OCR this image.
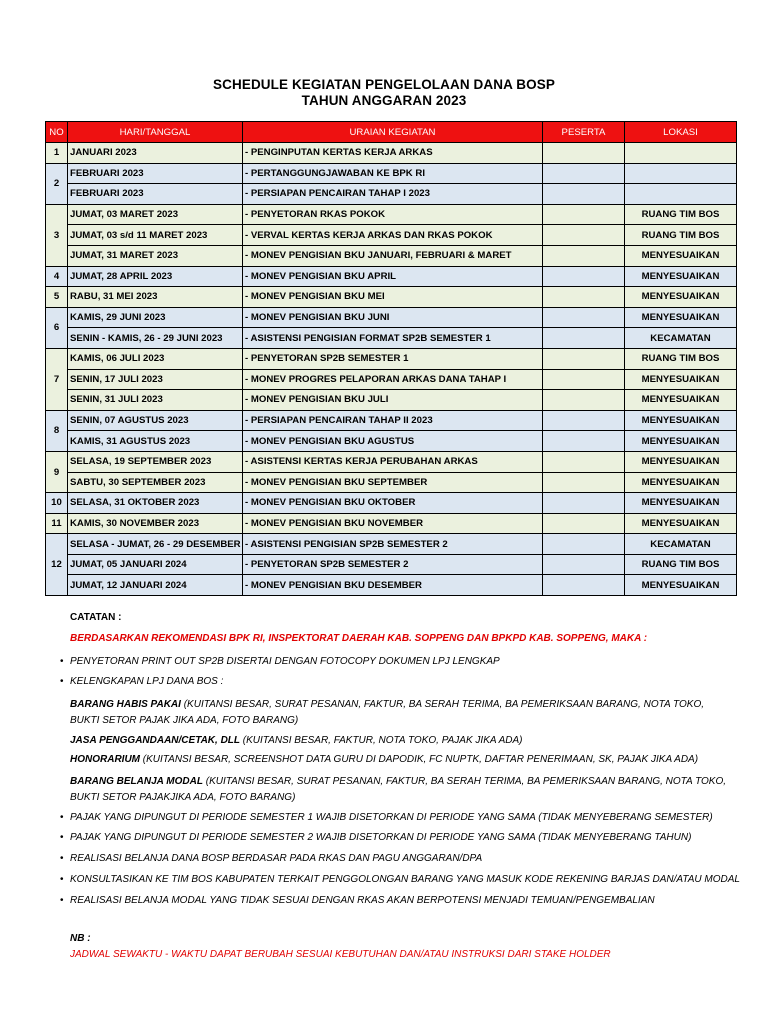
SCHEDULE KEGIATAN PENGELOLAAN DANA BOSP
TAHUN ANGGARAN 2023
NO	HARI/TANGGAL	URAIAN KEGIATAN	PESERTA	LOKASI
1	JANUARI 2023	- PENGINPUTAN KERTAS KERJA ARKAS		
2	FEBRUARI 2023	- PERTANGGUNGJAWABAN KE BPK RI		
	FEBRUARI 2023	- PERSIAPAN PENCAIRAN TAHAP I 2023		
3	JUMAT, 03 MARET 2023	- PENYETORAN RKAS POKOK		RUANG TIM BOS
	JUMAT, 03 s/d 11 MARET 2023	- VERVAL KERTAS KERJA ARKAS DAN RKAS POKOK		RUANG TIM BOS
	JUMAT, 31 MARET 2023	- MONEV PENGISIAN BKU JANUARI, FEBRUARI & MARET		MENYESUAIKAN
4	JUMAT, 28 APRIL 2023	- MONEV PENGISIAN BKU APRIL		MENYESUAIKAN
5	RABU, 31 MEI 2023	- MONEV PENGISIAN BKU MEI		MENYESUAIKAN
6	KAMIS, 29 JUNI 2023	- MONEV PENGISIAN BKU JUNI		MENYESUAIKAN
	SENIN - KAMIS, 26 - 29 JUNI 2023	- ASISTENSI PENGISIAN FORMAT SP2B SEMESTER 1		KECAMATAN
7	KAMIS, 06 JULI 2023	- PENYETORAN SP2B SEMESTER 1		RUANG TIM BOS
	SENIN, 17 JULI 2023	- MONEV PROGRES PELAPORAN ARKAS DANA TAHAP I		MENYESUAIKAN
	SENIN, 31 JULI 2023	- MONEV PENGISIAN BKU JULI		MENYESUAIKAN
8	SENIN, 07 AGUSTUS 2023	- PERSIAPAN PENCAIRAN TAHAP II 2023		MENYESUAIKAN
	KAMIS, 31 AGUSTUS 2023	- MONEV PENGISIAN BKU AGUSTUS		MENYESUAIKAN
9	SELASA, 19 SEPTEMBER 2023	- ASISTENSI KERTAS KERJA PERUBAHAN ARKAS		MENYESUAIKAN
	SABTU, 30 SEPTEMBER 2023	- MONEV PENGISIAN BKU SEPTEMBER		MENYESUAIKAN
10	SELASA, 31 OKTOBER 2023	- MONEV PENGISIAN BKU OKTOBER		MENYESUAIKAN
11	KAMIS, 30 NOVEMBER 2023	- MONEV PENGISIAN BKU NOVEMBER		MENYESUAIKAN
12	SELASA - JUMAT, 26 - 29 DESEMBER	- ASISTENSI PENGISIAN SP2B SEMESTER 2		KECAMATAN
	JUMAT, 05 JANUARI 2024	- PENYETORAN SP2B SEMESTER 2		RUANG TIM BOS
	JUMAT, 12 JANUARI 2024	- MONEV PENGISIAN BKU DESEMBER		MENYESUAIKAN
CATATAN :
BERDASARKAN REKOMENDASI BPK RI, INSPEKTORAT DAERAH KAB. SOPPENG DAN BPKPD KAB. SOPPENG, MAKA :
• PENYETORAN PRINT OUT SP2B DISERTAI DENGAN FOTOCOPY DOKUMEN LPJ LENGKAP
• KELENGKAPAN LPJ DANA BOS :
BARANG HABIS PAKAI (KUITANSI BESAR, SURAT PESANAN, FAKTUR, BA SERAH TERIMA, BA PEMERIKSAAN BARANG, NOTA TOKO, BUKTI SETOR PAJAK JIKA ADA, FOTO BARANG)
JASA PENGGANDAAN/CETAK, DLL (KUITANSI BESAR, FAKTUR, NOTA TOKO, PAJAK JIKA ADA)
HONORARIUM (KUITANSI BESAR, SCREENSHOT DATA GURU DI DAPODIK, FC NUPTK, DAFTAR PENERIMAAN, SK, PAJAK JIKA ADA)
BARANG BELANJA MODAL (KUITANSI BESAR, SURAT PESANAN, FAKTUR, BA SERAH TERIMA, BA PEMERIKSAAN BARANG, NOTA TOKO, BUKTI SETOR PAJAKJIKA ADA, FOTO BARANG)
• PAJAK YANG DIPUNGUT DI PERIODE SEMESTER 1 WAJIB DISETORKAN DI PERIODE YANG SAMA (TIDAK MENYEBERANG SEMESTER)
• PAJAK YANG DIPUNGUT DI PERIODE SEMESTER 2 WAJIB DISETORKAN DI PERIODE YANG SAMA (TIDAK MENYEBERANG TAHUN)
• REALISASI BELANJA DANA BOSP BERDASAR PADA RKAS DAN PAGU ANGGARAN/DPA
• KONSULTASIKAN KE TIM BOS KABUPATEN TERKAIT PENGGOLONGAN BARANG YANG MASUK KODE REKENING BARJAS DAN/ATAU MODAL
• REALISASI BELANJA MODAL YANG TIDAK SESUAI DENGAN RKAS AKAN BERPOTENSI MENJADI TEMUAN/PENGEMBALIAN
NB :
JADWAL SEWAKTU - WAKTU DAPAT BERUBAH SESUAI KEBUTUHAN DAN/ATAU INSTRUKSI DARI STAKE HOLDER
